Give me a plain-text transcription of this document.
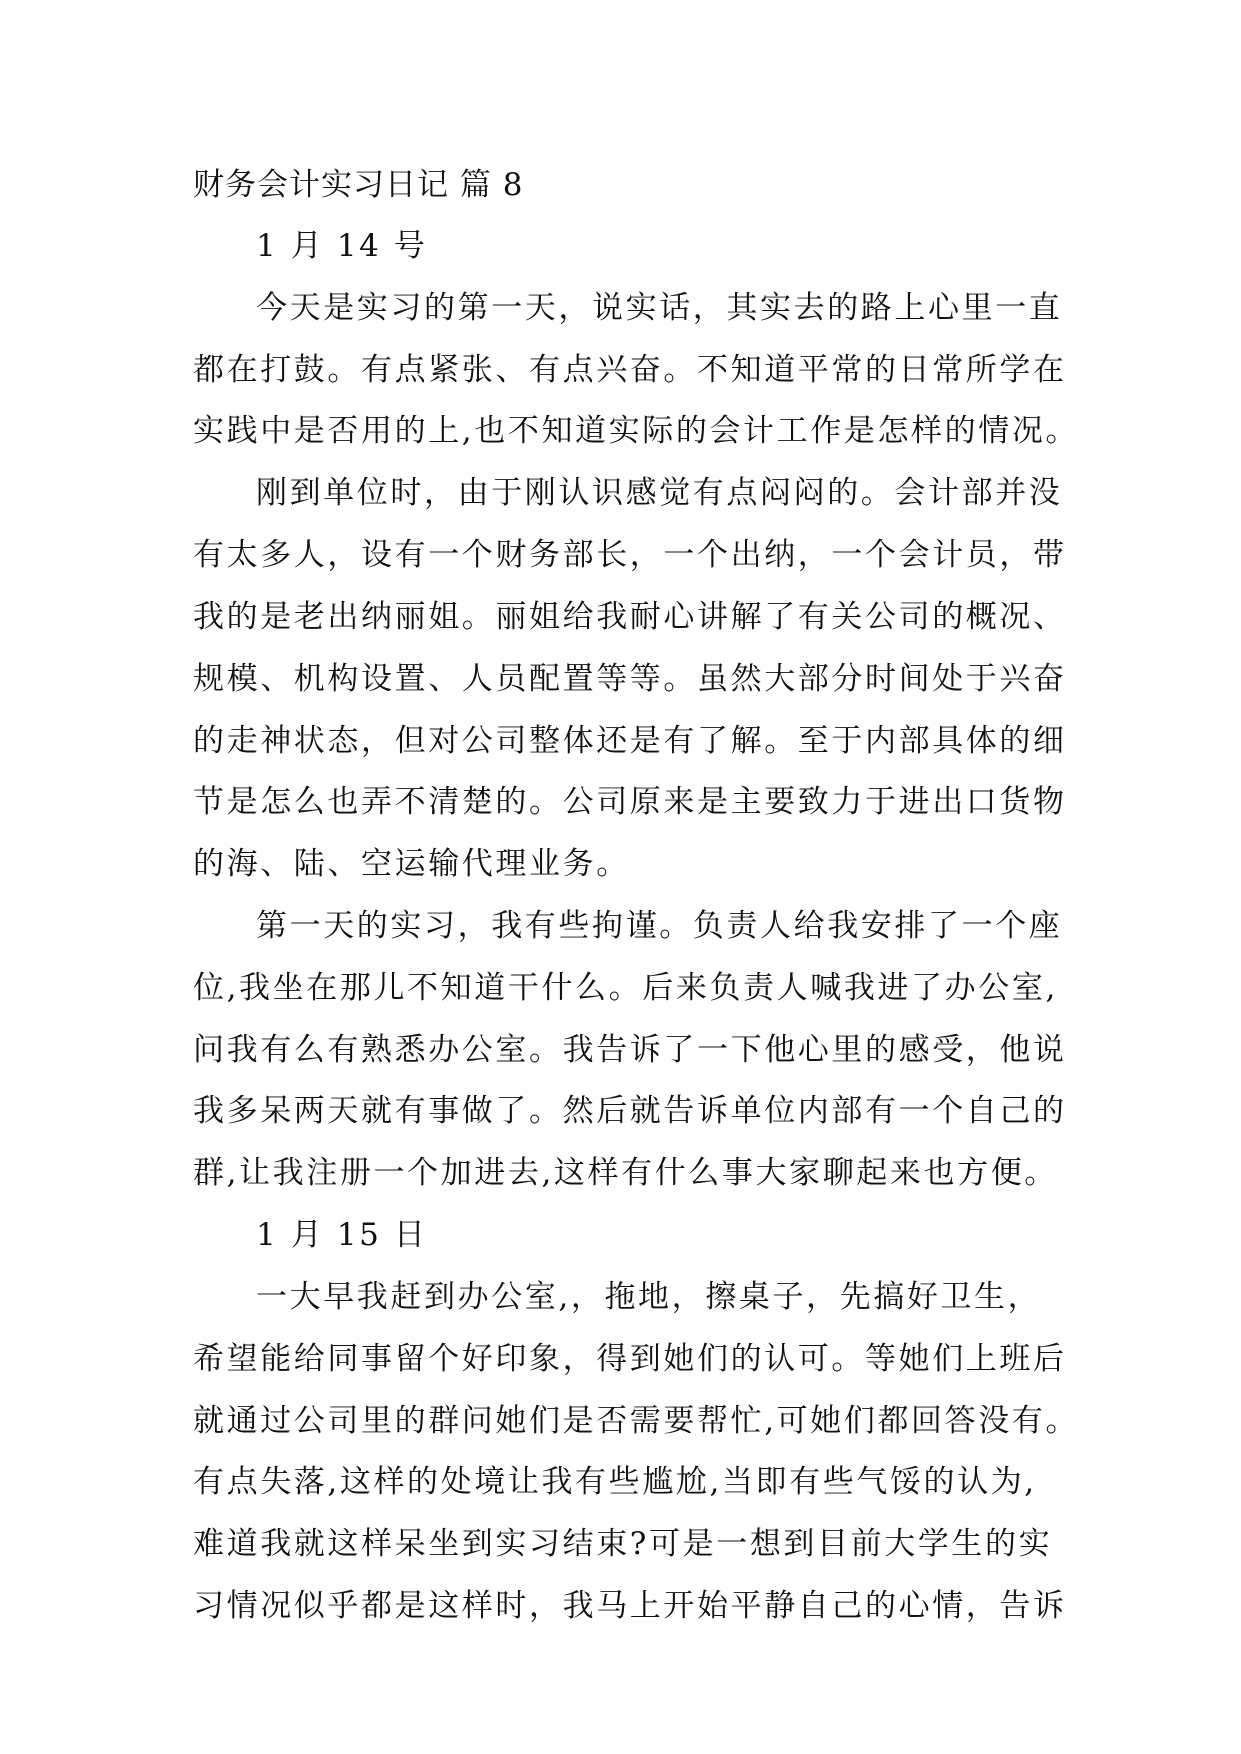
财务会计实习日记 篇 8
1 月 14 号
今天是实习的第一天，说实话，其实去的路上心里一直
都在打鼓。有点紧张、有点兴奋。不知道平常的日常所学在
实践中是否用的上,也不知道实际的会计工作是怎样的情况。
刚到单位时，由于刚认识感觉有点闷闷的。会计部并没
有太多人，设有一个财务部长，一个出纳，一个会计员，带
我的是老出纳丽姐。丽姐给我耐心讲解了有关公司的概况、
规模、机构设置、人员配置等等。虽然大部分时间处于兴奋
的走神状态，但对公司整体还是有了解。至于内部具体的细
节是怎么也弄不清楚的。公司原来是主要致力于进出口货物
的海、陆、空运输代理业务。
第一天的实习，我有些拘谨。负责人给我安排了一个座
位,我坐在那儿不知道干什么。后来负责人喊我进了办公室,
问我有么有熟悉办公室。我告诉了一下他心里的感受，他说
我多呆两天就有事做了。然后就告诉单位内部有一个自己的
群,让我注册一个加进去,这样有什么事大家聊起来也方便。
1 月 15 日
一大早我赶到办公室,，拖地，擦桌子，先搞好卫生，
希望能给同事留个好印象，得到她们的认可。等她们上班后
就通过公司里的群问她们是否需要帮忙,可她们都回答没有。
有点失落,这样的处境让我有些尴尬,当即有些气馁的认为,
难道我就这样呆坐到实习结束?可是一想到目前大学生的实
习情况似乎都是这样时，我马上开始平静自己的心情，告诉
